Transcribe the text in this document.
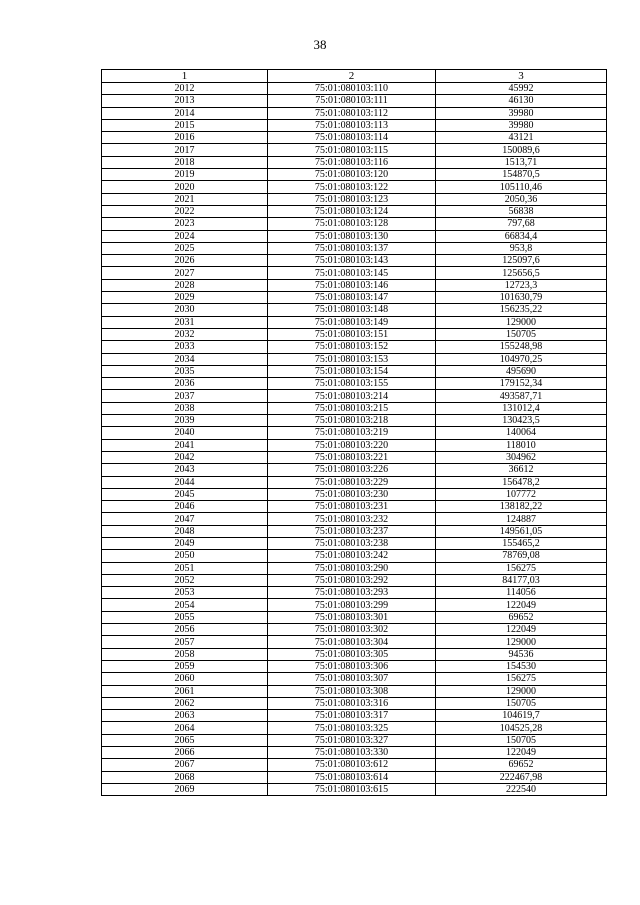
38
1	2	3
2012	75:01:080103:110	45992
2013	75:01:080103:111	46130
2014	75:01:080103:112	39980
2015	75:01:080103:113	39980
2016	75:01:080103:114	43121
2017	75:01:080103:115	150089,6
2018	75:01:080103:116	1513,71
2019	75:01:080103:120	154870,5
2020	75:01:080103:122	105110,46
2021	75:01:080103:123	2050,36
2022	75:01:080103:124	56838
2023	75:01:080103:128	797,68
2024	75:01:080103:130	66834,4
2025	75:01:080103:137	953,8
2026	75:01:080103:143	125097,6
2027	75:01:080103:145	125656,5
2028	75:01:080103:146	12723,3
2029	75:01:080103:147	101630,79
2030	75:01:080103:148	156235,22
2031	75:01:080103:149	129000
2032	75:01:080103:151	150705
2033	75:01:080103:152	155248,98
2034	75:01:080103:153	104970,25
2035	75:01:080103:154	495690
2036	75:01:080103:155	179152,34
2037	75:01:080103:214	493587,71
2038	75:01:080103:215	131012,4
2039	75:01:080103:218	130423,5
2040	75:01:080103:219	140064
2041	75:01:080103:220	118010
2042	75:01:080103:221	304962
2043	75:01:080103:226	36612
2044	75:01:080103:229	156478,2
2045	75:01:080103:230	107772
2046	75:01:080103:231	138182,22
2047	75:01:080103:232	124887
2048	75:01:080103:237	149561,05
2049	75:01:080103:238	155465,2
2050	75:01:080103:242	78769,08
2051	75:01:080103:290	156275
2052	75:01:080103:292	84177,03
2053	75:01:080103:293	114056
2054	75:01:080103:299	122049
2055	75:01:080103:301	69652
2056	75:01:080103:302	122049
2057	75:01:080103:304	129000
2058	75:01:080103:305	94536
2059	75:01:080103:306	154530
2060	75:01:080103:307	156275
2061	75:01:080103:308	129000
2062	75:01:080103:316	150705
2063	75:01:080103:317	104619,7
2064	75:01:080103:325	104525,28
2065	75:01:080103:327	150705
2066	75:01:080103:330	122049
2067	75:01:080103:612	69652
2068	75:01:080103:614	222467,98
2069	75:01:080103:615	222540
